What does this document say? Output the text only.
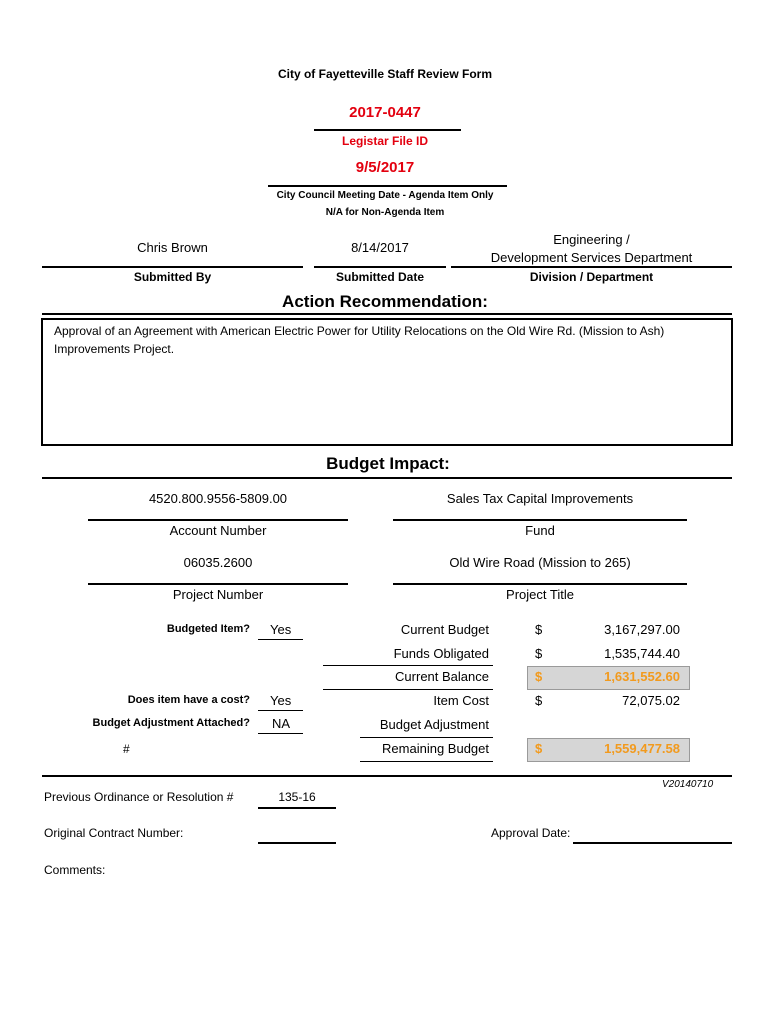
City of Fayetteville Staff Review Form
2017-0447
Legistar File ID
9/5/2017
City Council Meeting Date - Agenda Item Only
N/A for Non-Agenda Item
Chris Brown
Submitted By
8/14/2017
Submitted Date
Engineering /
Development Services Department
Division / Department
Action Recommendation:
Approval of an Agreement with American Electric Power for Utility Relocations on the Old Wire Rd. (Mission to Ash)
Improvements Project.
Budget Impact:
4520.800.9556-5809.00
Account Number
Sales Tax Capital Improvements
Fund
06035.2600
Project Number
Old Wire Road (Mission to 265)
Project Title
Budgeted Item? Yes
Does item have a cost? Yes
Budget Adjustment Attached? NA
#
Current Budget	$	3,167,297.00
Funds Obligated	$	1,535,744.40
Current Balance	$	1,631,552.60
Item Cost	$	72,075.02
Budget Adjustment
Remaining Budget	$	1,559,477.58
V20140710
Previous Ordinance or Resolution #	135-16
Original Contract Number:	Approval Date:
Comments:
